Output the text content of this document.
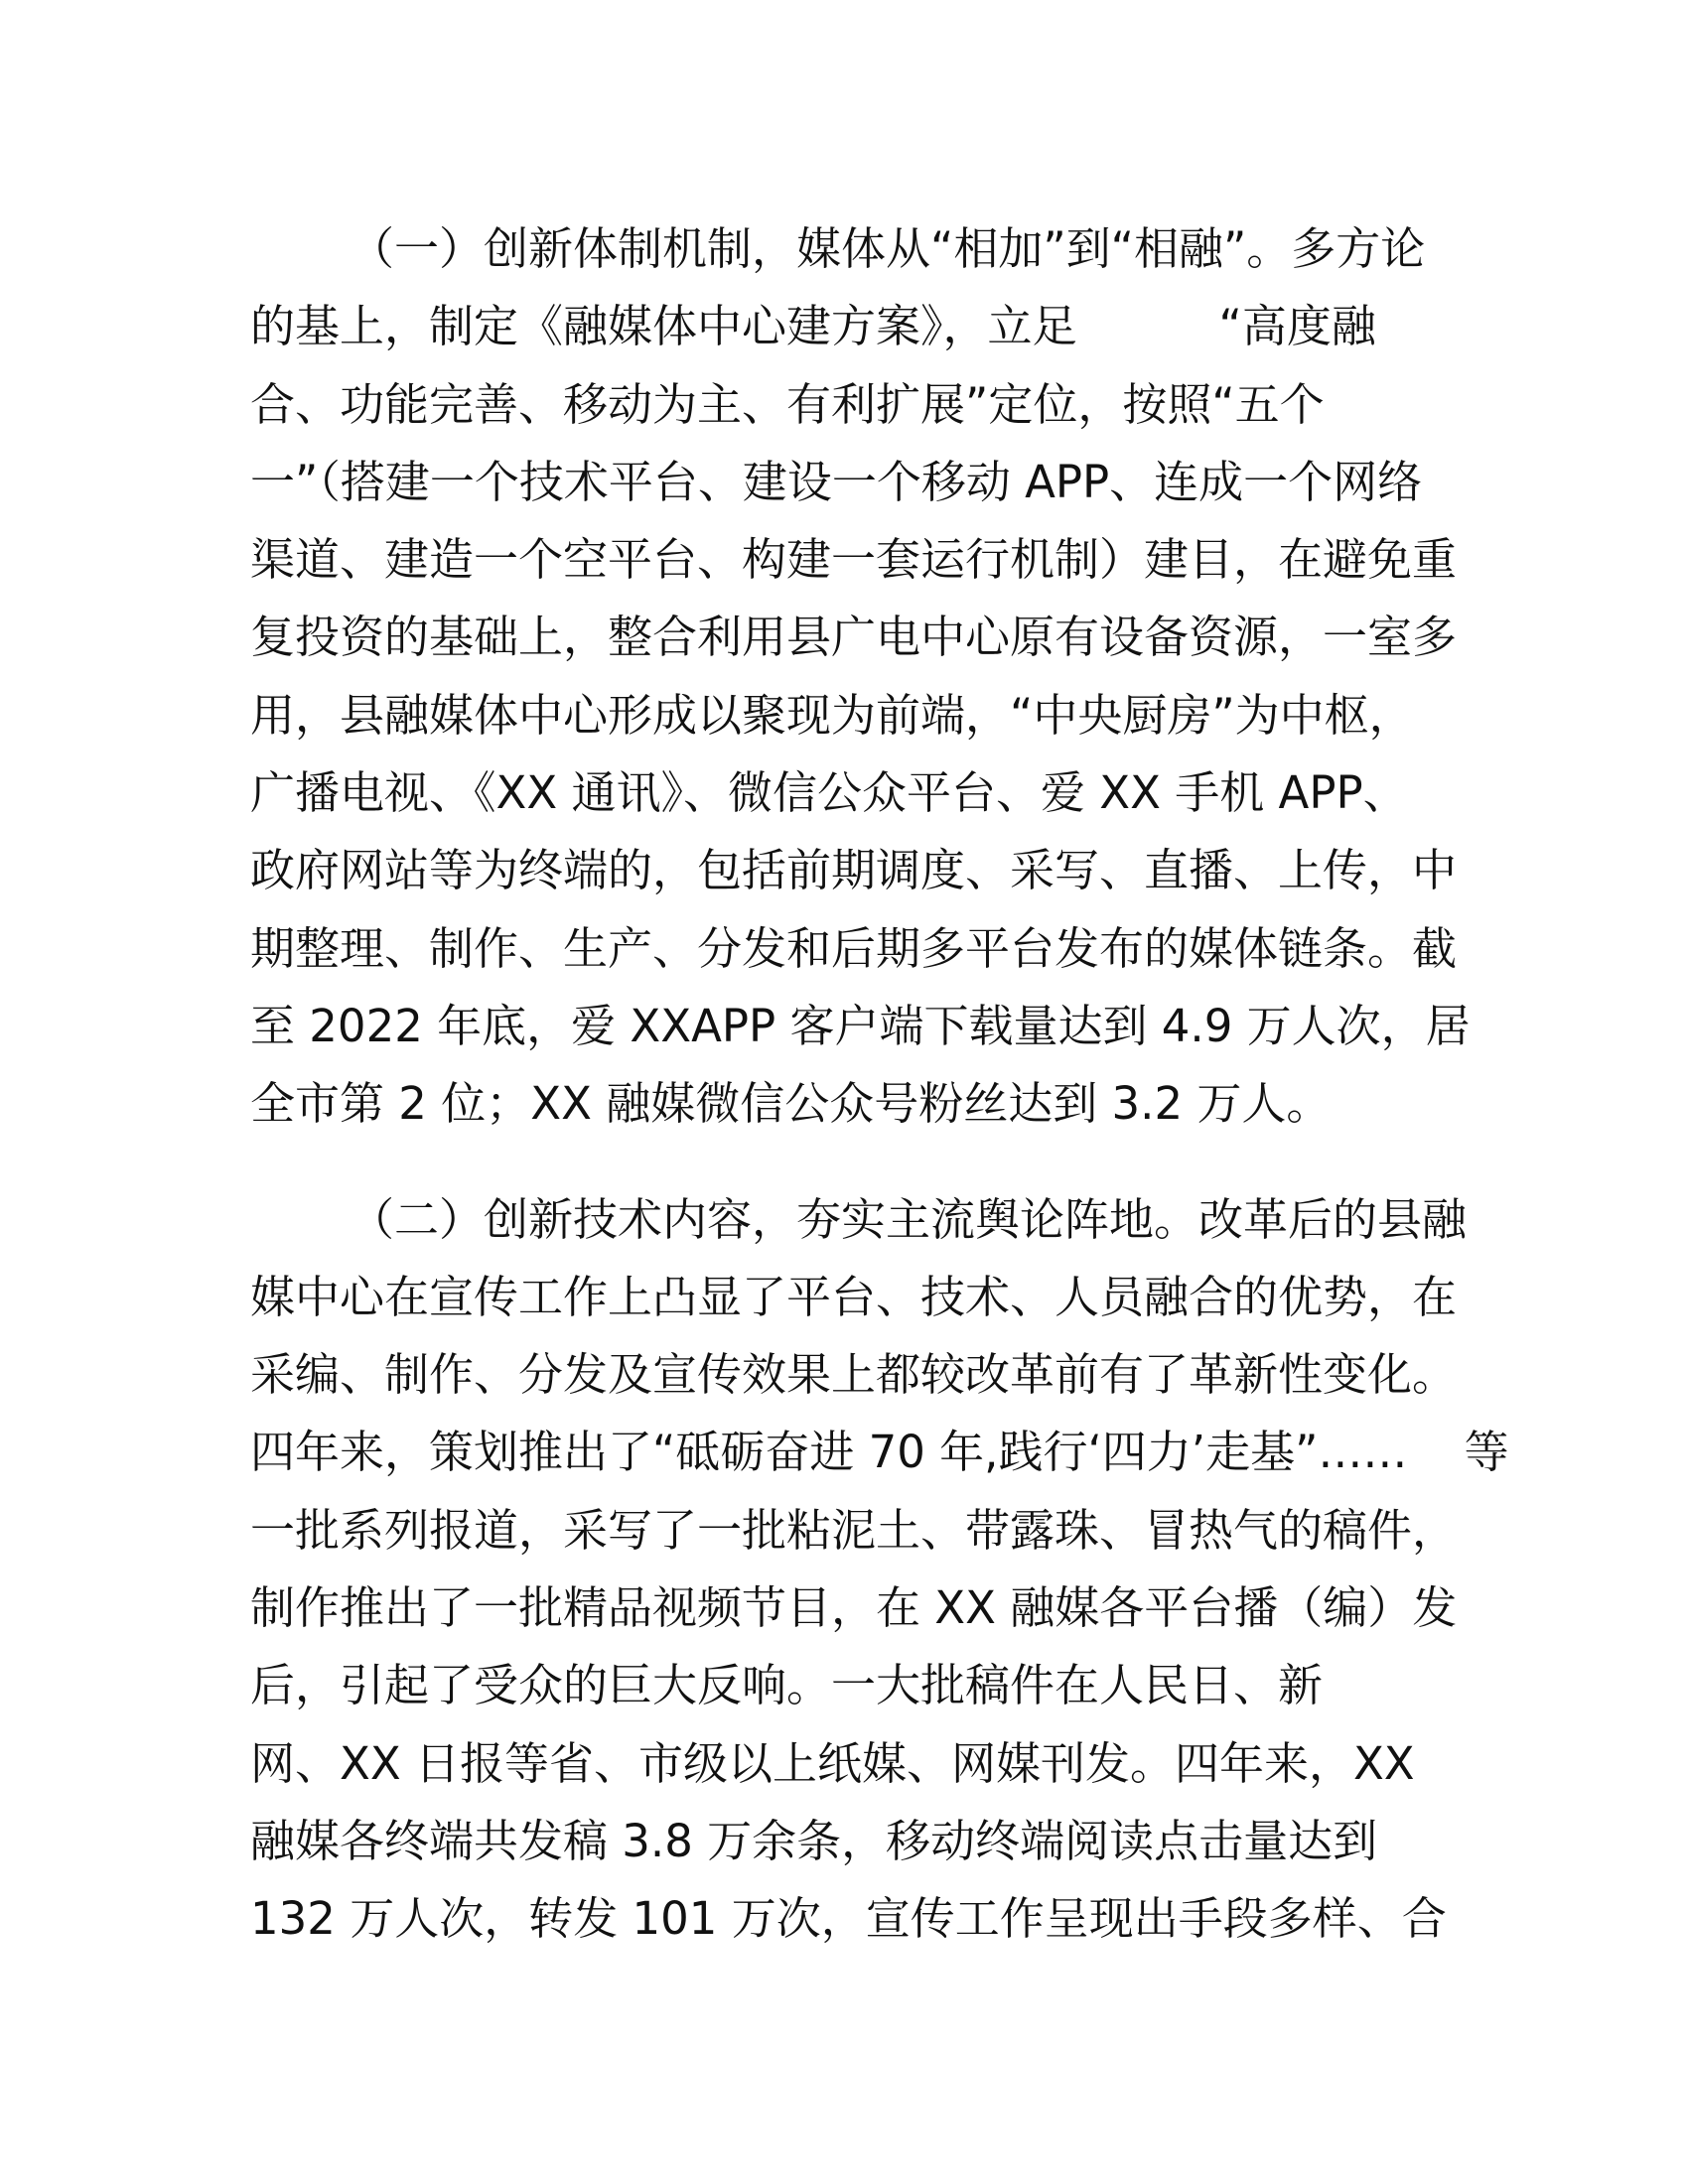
（一）创新体制机制，媒体从“相加”到“相融”。多方论
的基上，制定《融媒体中心建方案》，立足          “高度融
合、功能完善、移动为主、有利扩展”定位，按照“五个
一”（搭建一个技术平台、建设一个移动 APP、连成一个网络
渠道、建造一个空平台、构建一套运行机制）建目，在避免重
复投资的基础上，整合利用县广电中心原有设备资源，一室多
用，县融媒体中心形成以聚现为前端，“中央厨房”为中枢，
广播电视、《XX 通讯》、微信公众平台、爱 XX 手机 APP、
政府网站等为终端的，包括前期调度、采写、直播、上传，中
期整理、制作、生产、分发和后期多平台发布的媒体链条。截
至 2022 年底，爱 XXAPP 客户端下载量达到 4.9 万人次，居
全市第 2 位；XX 融媒微信公众号粉丝达到 3.2 万人。
（二）创新技术内容，夯实主流舆论阵地。改革后的县融
媒中心在宣传工作上凸显了平台、技术、人员融合的优势，在
采编、制作、分发及宣传效果上都较改革前有了革新性变化。
四年来，策划推出了“砥砺奋进 70 年,践行‘四力’走基”……    等
一批系列报道，采写了一批粘泥土、带露珠、冒热气的稿件，
制作推出了一批精品视频节目，在 XX 融媒各平台播（编）发
后，引起了受众的巨大反响。一大批稿件在人民日、新
网、XX 日报等省、市级以上纸媒、网媒刊发。四年来，XX
融媒各终端共发稿 3.8 万余条，移动终端阅读点击量达到
132 万人次，转发 101 万次，宣传工作呈现出手段多样、合
